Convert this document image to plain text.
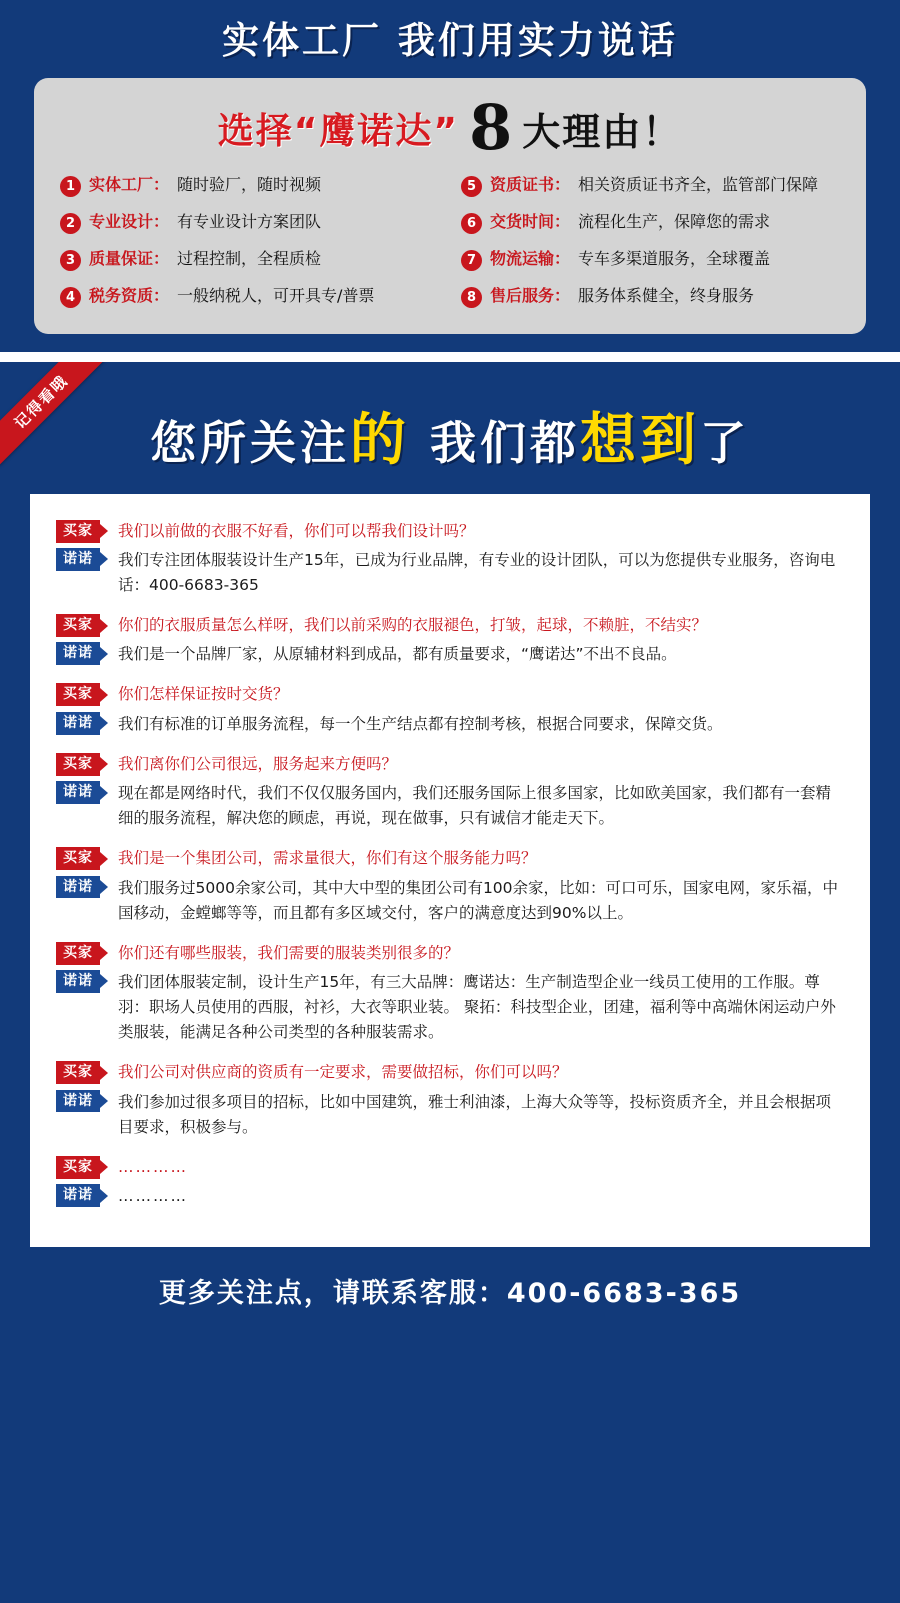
实体工厂 我们用实力说话
选择“鹰诺达” 8 大理由！
1 实体工厂： 随时验厂，随时视频	5 资质证书： 相关资质证书齐全，监管部门保障
2 专业设计： 有专业设计方案团队	6 交货时间： 流程化生产，保障您的需求
3 质量保证： 过程控制，全程质检	7 物流运输： 专车多渠道服务，全球覆盖
4 税务资质： 一般纳税人，可开具专/普票	8 售后服务： 服务体系健全，终身服务
记得看哦
您所关注的 我们都想到了
买家	我们以前做的衣服不好看，你们可以帮我们设计吗？
诺诺	我们专注团体服装设计生产15年，已成为行业品牌，有专业的设计团队，可以为您提供专业服务，咨询电话：400-6683-365
买家	你们的衣服质量怎么样呀，我们以前采购的衣服褪色，打皱，起球，不赖脏，不结实？
诺诺	我们是一个品牌厂家，从原辅材料到成品，都有质量要求，“鹰诺达”不出不良品。
买家	你们怎样保证按时交货？
诺诺	我们有标准的订单服务流程，每一个生产结点都有控制考核，根据合同要求，保障交货。
买家	我们离你们公司很远，服务起来方便吗？
诺诺	现在都是网络时代，我们不仅仅服务国内，我们还服务国际上很多国家，比如欧美国家，我们都有一套精细的服务流程，解决您的顾虑，再说，现在做事，只有诚信才能走天下。
买家	我们是一个集团公司，需求量很大，你们有这个服务能力吗？
诺诺	我们服务过5000余家公司，其中大中型的集团公司有100余家，比如：可口可乐，国家电网，家乐福，中国移动，金螳螂等等，而且都有多区域交付，客户的满意度达到90%以上。
买家	你们还有哪些服装，我们需要的服装类别很多的？
诺诺	我们团体服装定制，设计生产15年，有三大品牌：鹰诺达：生产制造型企业一线员工使用的工作服。尊羽：职场人员使用的西服，衬衫，大衣等职业装。 聚拓：科技型企业，团建，福利等中高端休闲运动户外类服装，能满足各种公司类型的各种服装需求。
买家	我们公司对供应商的资质有一定要求，需要做招标，你们可以吗？
诺诺	我们参加过很多项目的招标，比如中国建筑，雅士利油漆，上海大众等等，投标资质齐全，并且会根据项目要求，积极参与。
买家	…………
诺诺	…………
更多关注点，请联系客服：400-6683-365
